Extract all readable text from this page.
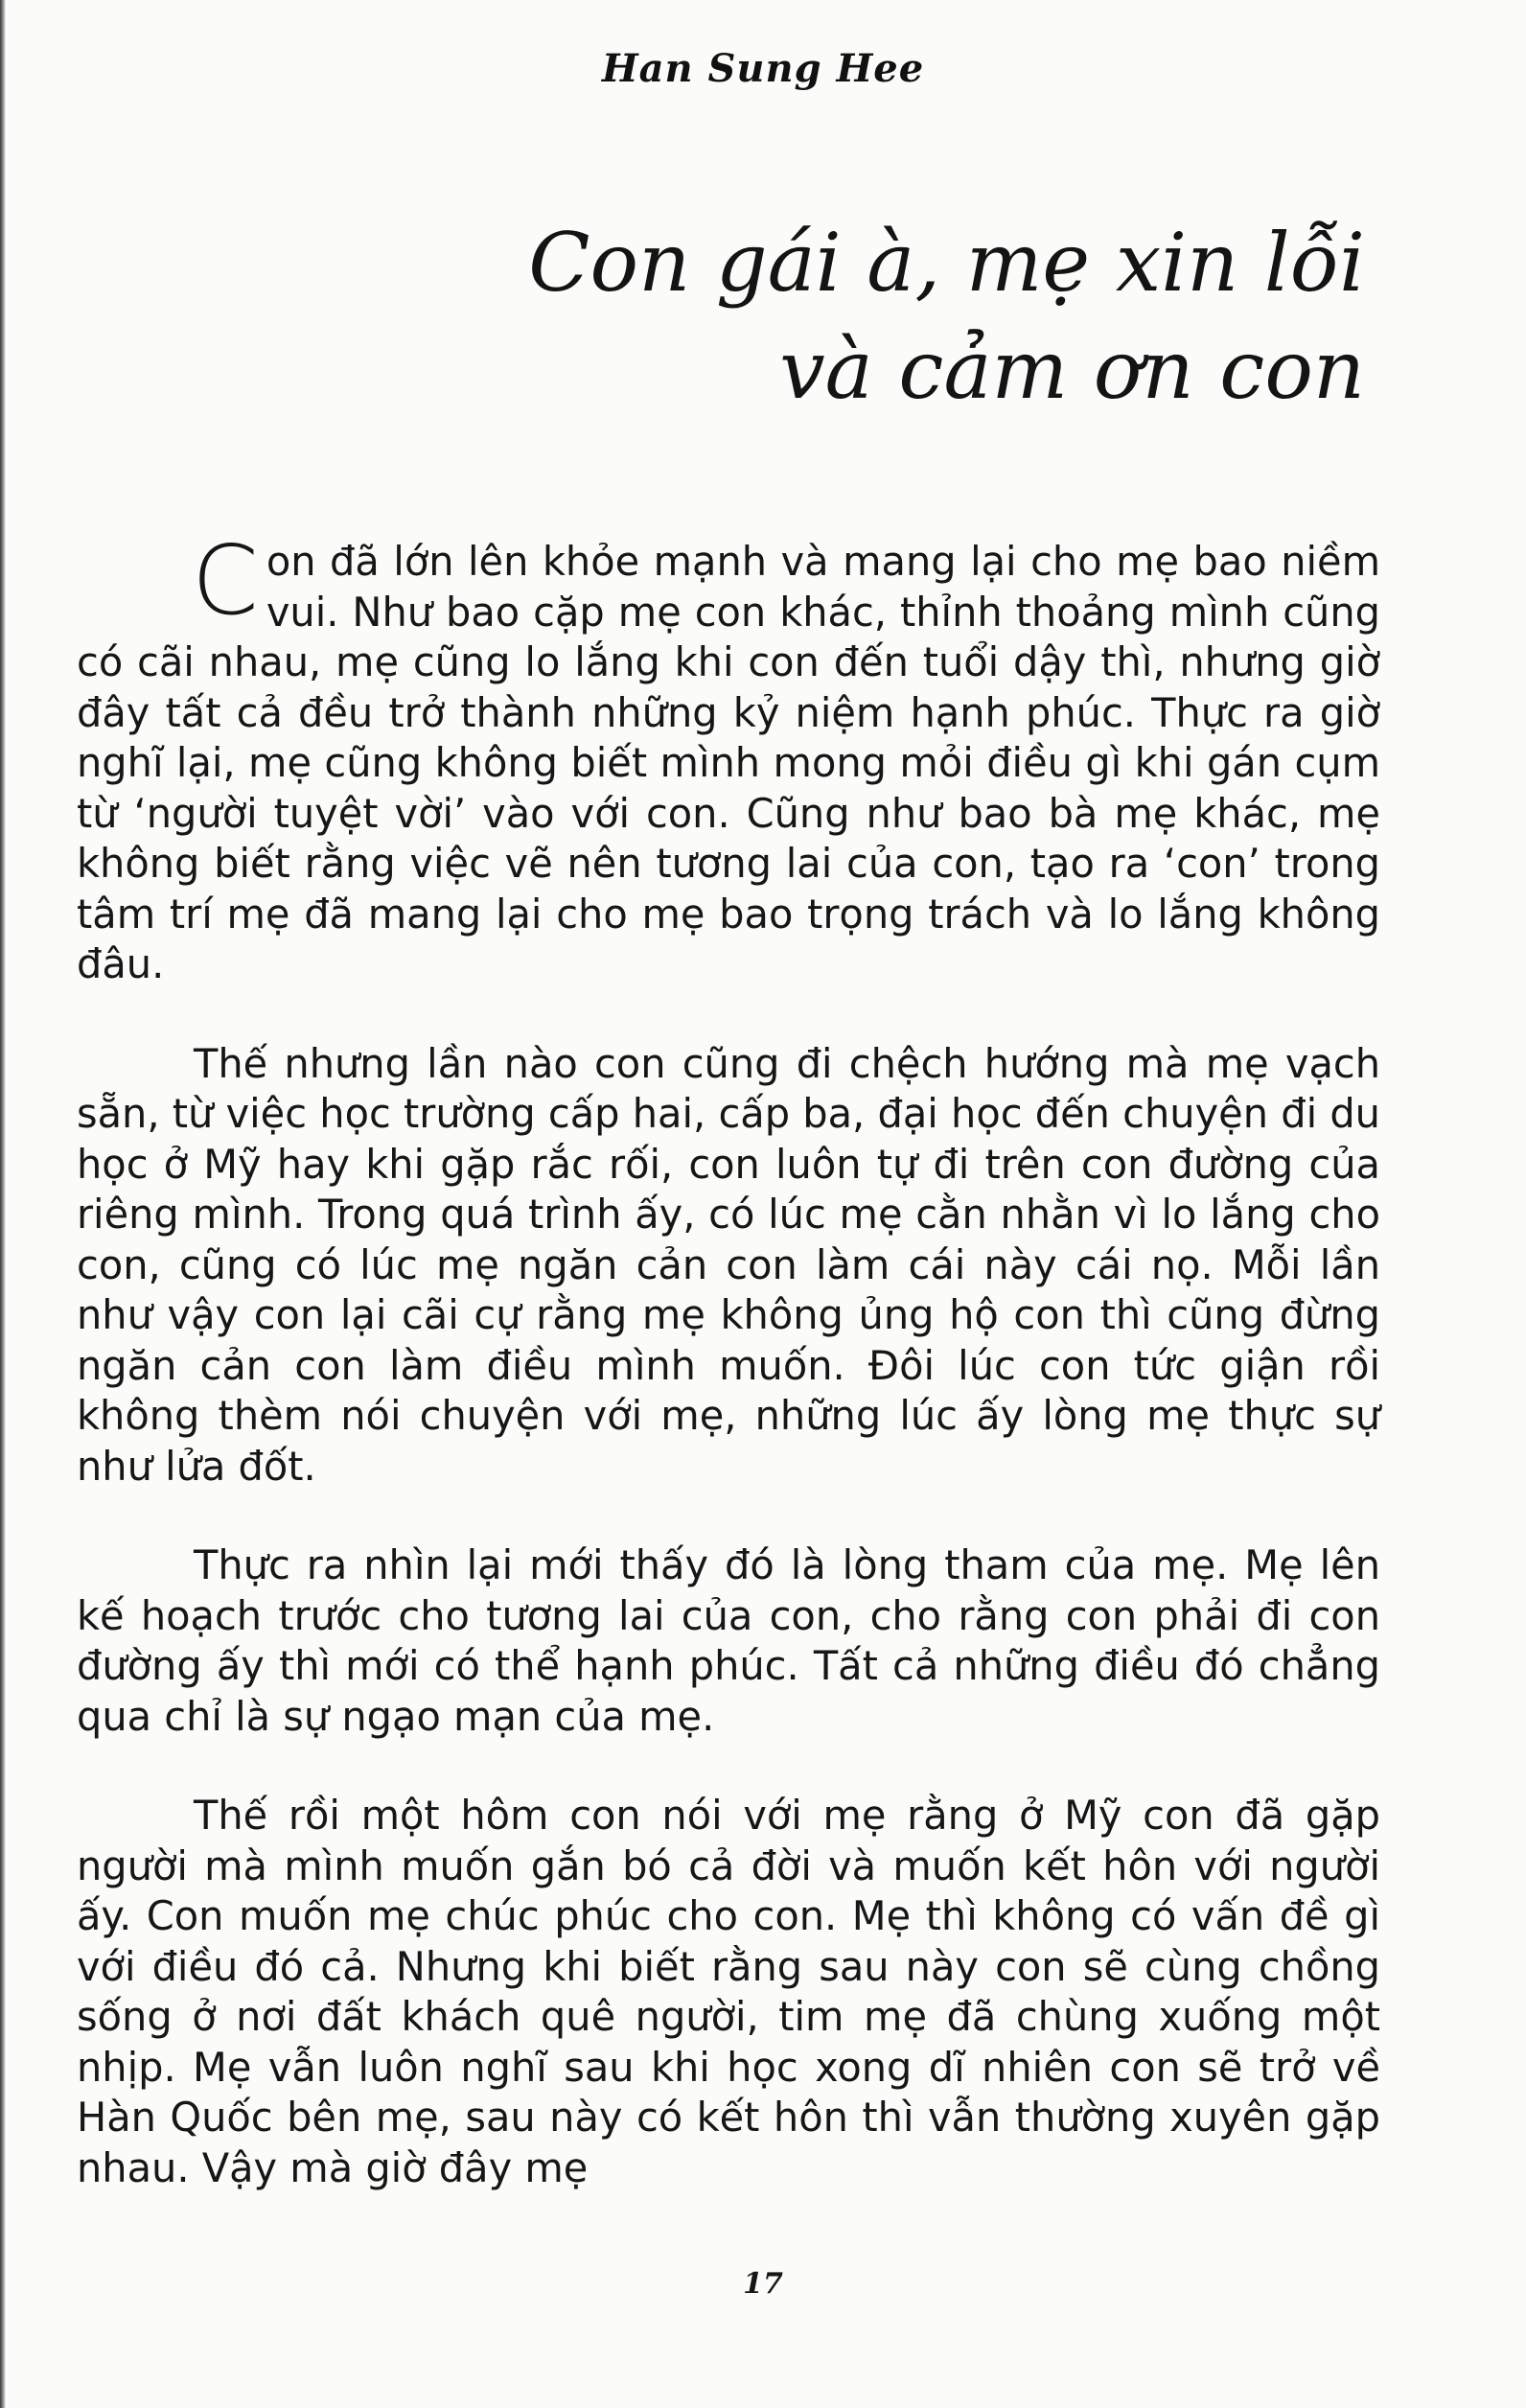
Han Sung Hee
Con gái à, mẹ xin lỗi
và cảm ơn con

Con đã lớn lên khỏe mạnh và mang lại cho mẹ bao niềm vui. Như bao cặp mẹ con khác, thỉnh thoảng mình cũng có cãi nhau, mẹ cũng lo lắng khi con đến tuổi dậy thì, nhưng giờ đây tất cả đều trở thành những kỷ niệm hạnh phúc. Thực ra giờ nghĩ lại, mẹ cũng không biết mình mong mỏi điều gì khi gán cụm từ ‘người tuyệt vời’ vào với con. Cũng như bao bà mẹ khác, mẹ không biết rằng việc vẽ nên tương lai của con, tạo ra ‘con’ trong tâm trí mẹ đã mang lại cho mẹ bao trọng trách và lo lắng không đâu.

Thế nhưng lần nào con cũng đi chệch hướng mà mẹ vạch sẵn, từ việc học trường cấp hai, cấp ba, đại học đến chuyện đi du học ở Mỹ hay khi gặp rắc rối, con luôn tự đi trên con đường của riêng mình. Trong quá trình ấy, có lúc mẹ cằn nhằn vì lo lắng cho con, cũng có lúc mẹ ngăn cản con làm cái này cái nọ. Mỗi lần như vậy con lại cãi cự rằng mẹ không ủng hộ con thì cũng đừng ngăn cản con làm điều mình muốn. Đôi lúc con tức giận rồi không thèm nói chuyện với mẹ, những lúc ấy lòng mẹ thực sự như lửa đốt.

Thực ra nhìn lại mới thấy đó là lòng tham của mẹ. Mẹ lên kế hoạch trước cho tương lai của con, cho rằng con phải đi con đường ấy thì mới có thể hạnh phúc. Tất cả những điều đó chẳng qua chỉ là sự ngạo mạn của mẹ.

Thế rồi một hôm con nói với mẹ rằng ở Mỹ con đã gặp người mà mình muốn gắn bó cả đời và muốn kết hôn với người ấy. Con muốn mẹ chúc phúc cho con. Mẹ thì không có vấn đề gì với điều đó cả. Nhưng khi biết rằng sau này con sẽ cùng chồng sống ở nơi đất khách quê người, tim mẹ đã chùng xuống một nhịp. Mẹ vẫn luôn nghĩ sau khi học xong dĩ nhiên con sẽ trở về Hàn Quốc bên mẹ, sau này có kết hôn thì vẫn thường xuyên gặp nhau. Vậy mà giờ đây mẹ

17
